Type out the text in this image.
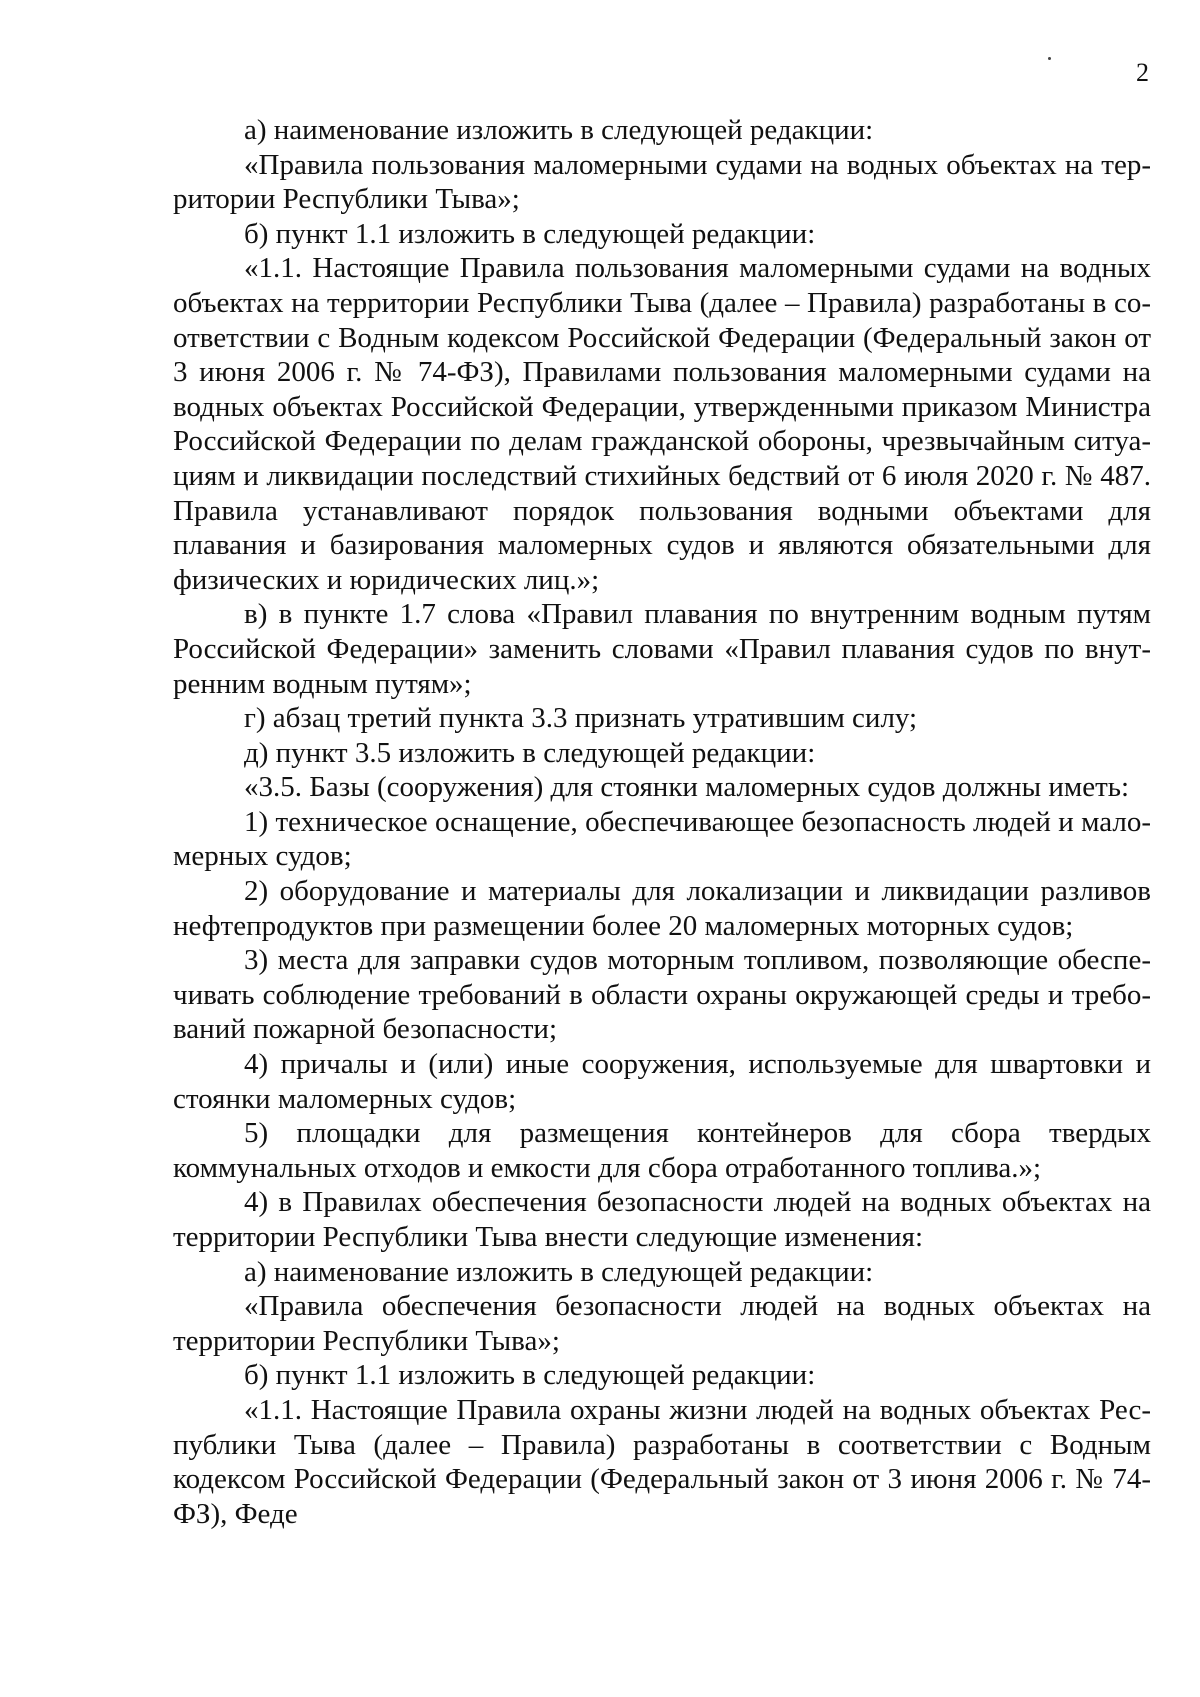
2

а) наименование изложить в следующей редакции:

«Правила пользования маломерными судами на водных объектах на территории Республики Тыва»;

б) пункт 1.1 изложить в следующей редакции:

«1.1. Настоящие Правила пользования маломерными судами на водных объектах на территории Республики Тыва (далее – Правила) разработаны в соответствии с Водным кодексом Российской Федерации (Федеральный закон от 3 июня 2006 г. № 74-ФЗ), Правилами пользования маломерными судами на водных объектах Российской Федерации, утвержденными приказом Министра Российской Федерации по делам гражданской обороны, чрезвычайным ситуациям и ликвидации последствий стихийных бедствий от 6 июля 2020 г. № 487. Правила устанавливают порядок пользования водными объектами для плавания и базирования маломерных судов и являются обязательными для физических и юридических лиц.»;

в) в пункте 1.7 слова «Правил плавания по внутренним водным путям Российской Федерации» заменить словами «Правил плавания судов по внутренним водным путям»;

г) абзац третий пункта 3.3 признать утратившим силу;

д) пункт 3.5 изложить в следующей редакции:

«3.5. Базы (сооружения) для стоянки маломерных судов должны иметь:

1) техническое оснащение, обеспечивающее безопасность людей и маломерных судов;

2) оборудование и материалы для локализации и ликвидации разливов нефтепродуктов при размещении более 20 маломерных моторных судов;

3) места для заправки судов моторным топливом, позволяющие обеспечивать соблюдение требований в области охраны окружающей среды и требований пожарной безопасности;

4) причалы и (или) иные сооружения, используемые для швартовки и стоянки маломерных судов;

5) площадки для размещения контейнеров для сбора твердых коммунальных отходов и емкости для сбора отработанного топлива.»;

4) в Правилах обеспечения безопасности людей на водных объектах на территории Республики Тыва внести следующие изменения:

а) наименование изложить в следующей редакции:

«Правила обеспечения безопасности людей на водных объектах на территории Республики Тыва»;

б) пункт 1.1 изложить в следующей редакции:

«1.1. Настоящие Правила охраны жизни людей на водных объектах Республики Тыва (далее – Правила) разработаны в соответствии с Водным кодексом Российской Федерации (Федеральный закон от 3 июня 2006 г. № 74-ФЗ), Феде
